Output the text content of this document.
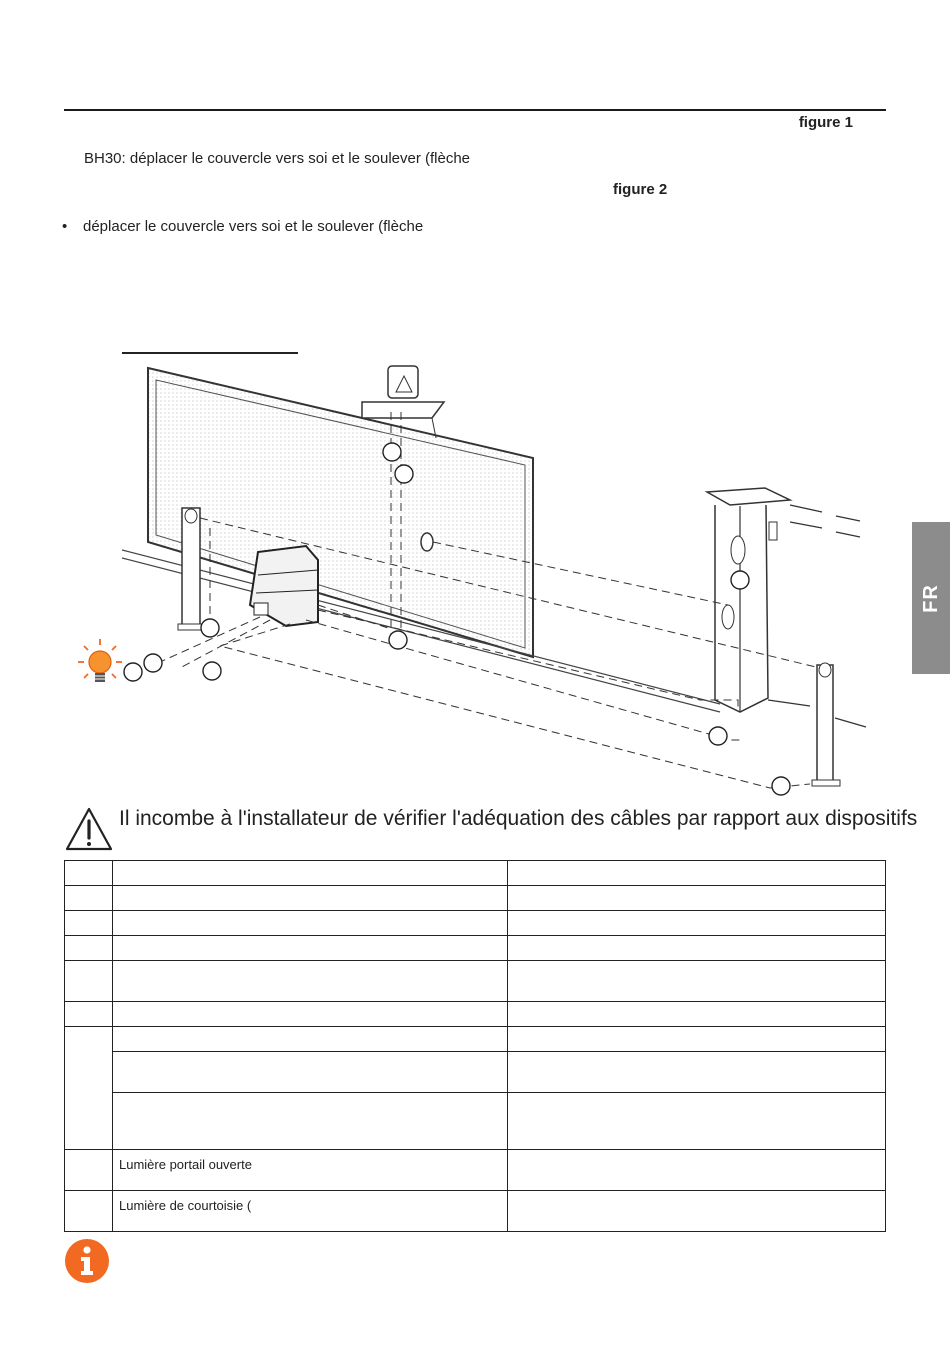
figure 1
BH30: déplacer le couvercle vers soi et le soulever (flèche
figure 2
• déplacer le couvercle vers soi et le soulever (flèche
FR
Il incombe à l'installateur de vérifier l'adéquation des câbles par rapport aux dispositifs

	Lumière portail ouverte	

	Lumière de courtoisie (	
